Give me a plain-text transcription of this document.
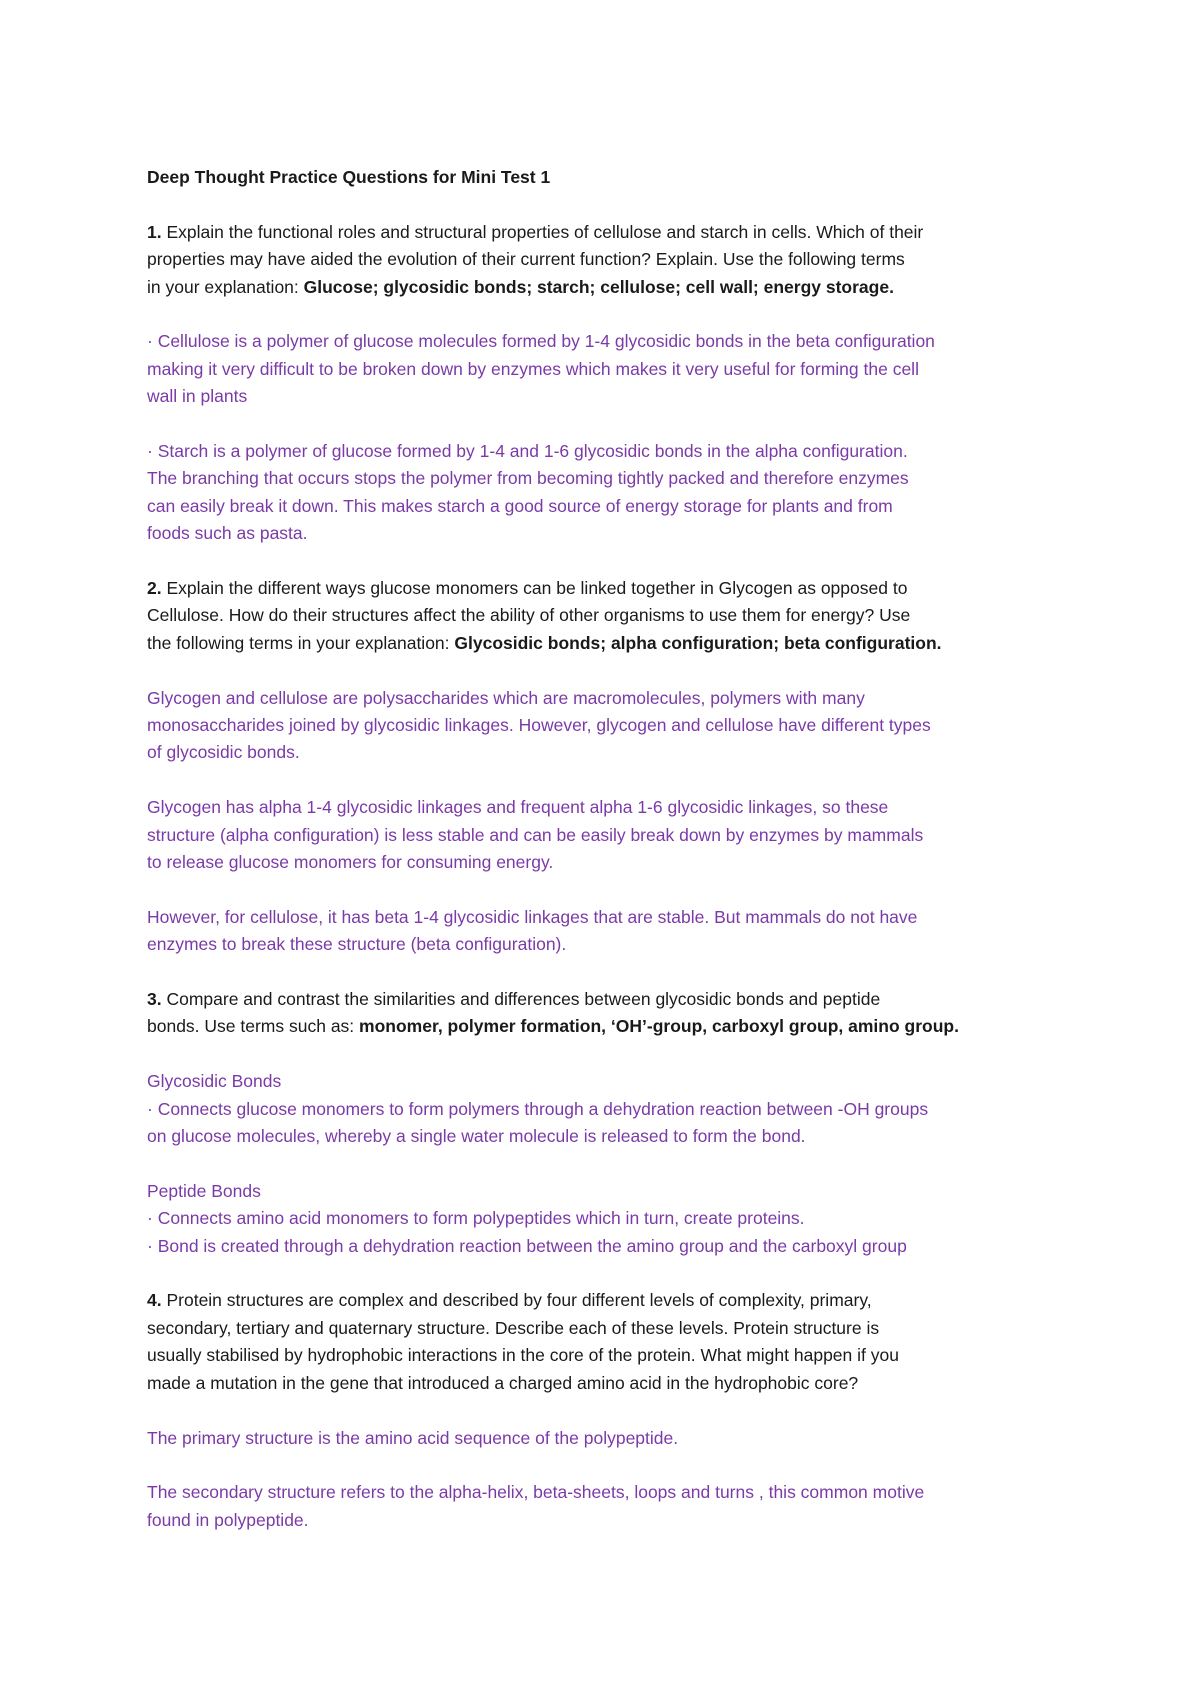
Deep Thought Practice Questions for Mini Test 1
1. Explain the functional roles and structural properties of cellulose and starch in cells. Which of their
properties may have aided the evolution of their current function? Explain. Use the following terms
in your explanation: Glucose; glycosidic bonds; starch; cellulose; cell wall; energy storage.
· Cellulose is a polymer of glucose molecules formed by 1-4 glycosidic bonds in the beta configuration
making it very difficult to be broken down by enzymes which makes it very useful for forming the cell
wall in plants
· Starch is a polymer of glucose formed by 1-4 and 1-6 glycosidic bonds in the alpha configuration.
The branching that occurs stops the polymer from becoming tightly packed and therefore enzymes
can easily break it down. This makes starch a good source of energy storage for plants and from
foods such as pasta.
2. Explain the different ways glucose monomers can be linked together in Glycogen as opposed to
Cellulose. How do their structures affect the ability of other organisms to use them for energy? Use
the following terms in your explanation: Glycosidic bonds; alpha configuration; beta configuration.
Glycogen and cellulose are polysaccharides which are macromolecules, polymers with many
monosaccharides joined by glycosidic linkages. However, glycogen and cellulose have different types
of glycosidic bonds.
Glycogen has alpha 1-4 glycosidic linkages and frequent alpha 1-6 glycosidic linkages, so these
structure (alpha configuration) is less stable and can be easily break down by enzymes by mammals
to release glucose monomers for consuming energy.
However, for cellulose, it has beta 1-4 glycosidic linkages that are stable. But mammals do not have
enzymes to break these structure (beta configuration).
3. Compare and contrast the similarities and differences between glycosidic bonds and peptide
bonds. Use terms such as: monomer, polymer formation, ‘OH’-group, carboxyl group, amino group.
Glycosidic Bonds
· Connects glucose monomers to form polymers through a dehydration reaction between -OH groups
on glucose molecules, whereby a single water molecule is released to form the bond.
Peptide Bonds
· Connects amino acid monomers to form polypeptides which in turn, create proteins.
· Bond is created through a dehydration reaction between the amino group and the carboxyl group
4. Protein structures are complex and described by four different levels of complexity, primary,
secondary, tertiary and quaternary structure. Describe each of these levels. Protein structure is
usually stabilised by hydrophobic interactions in the core of the protein. What might happen if you
made a mutation in the gene that introduced a charged amino acid in the hydrophobic core?
The primary structure is the amino acid sequence of the polypeptide.
The secondary structure refers to the alpha-helix, beta-sheets, loops and turns , this common motive
found in polypeptide.
